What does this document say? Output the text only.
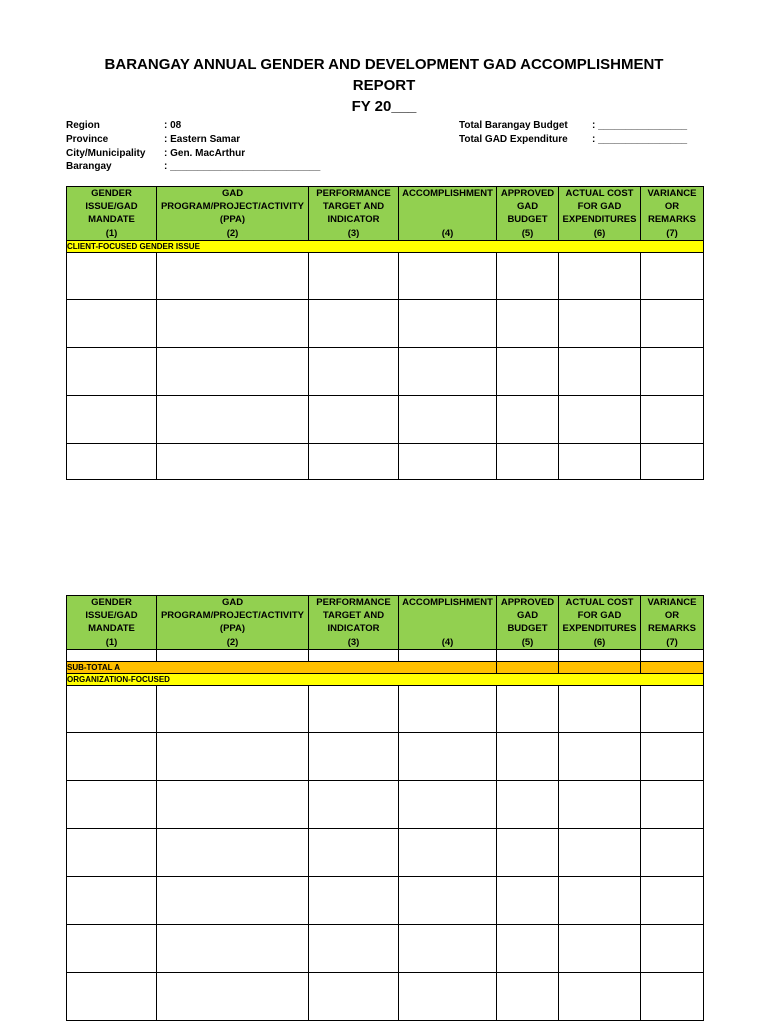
BARANGAY ANNUAL GENDER AND DEVELOPMENT GAD ACCOMPLISHMENT
REPORT
FY 20___
Region	: 08
Province	: Eastern Samar
City/Municipality	: Gen. MacArthur
Barangay	: ___________________________
Total Barangay Budget	: ________________
Total GAD Expenditure	: ________________
GENDER
ISSUE/GAD
MANDATE
(1)	GAD
PROGRAM/PROJECT/ACTIVITY
(PPA)
(2)	PERFORMANCE
TARGET AND
INDICATOR
(3)	ACCOMPLISHMENT
(4)	APPROVED
GAD
BUDGET
(5)	ACTUAL COST
FOR GAD
EXPENDITURES
(6)	VARIANCE
OR
REMARKS
(7)

CLIENT-FOCUSED GENDER ISSUE						

GENDER
ISSUE/GAD
MANDATE
(1)	GAD
PROGRAM/PROJECT/ACTIVITY
(PPA)
(2)	PERFORMANCE
TARGET AND
INDICATOR
(3)	ACCOMPLISHMENT
(4)	APPROVED
GAD
BUDGET
(5)	ACTUAL COST
FOR GAD
EXPENDITURES
(6)	VARIANCE
OR
REMARKS
(7)

SUB-TOTAL A						
ORGANIZATION-FOCUSED						
